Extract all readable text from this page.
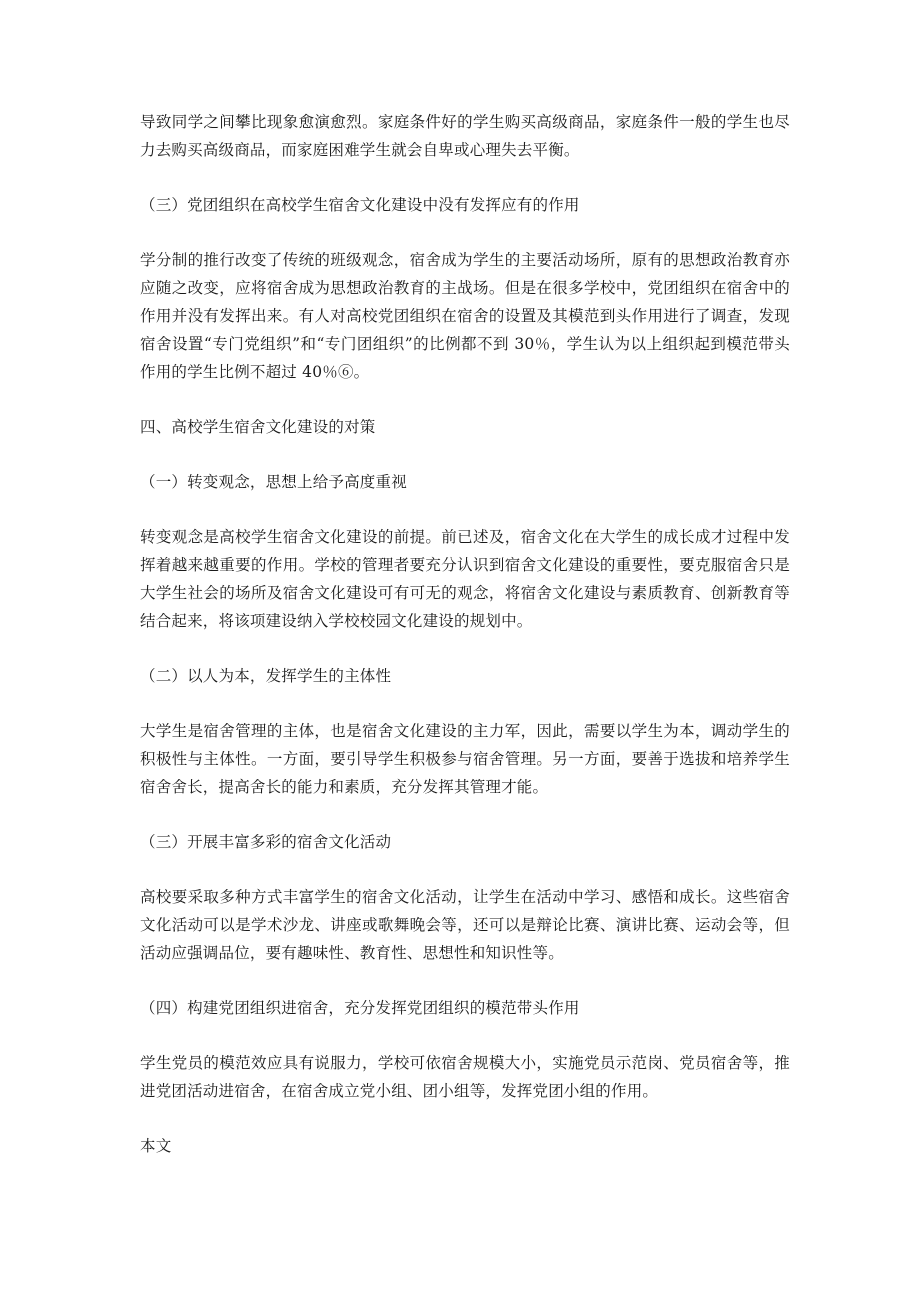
导致同学之间攀比现象愈演愈烈。家庭条件好的学生购买高级商品，家庭条件一般的学生也尽力去购买高级商品，而家庭困难学生就会自卑或心理失去平衡。

（三）党团组织在高校学生宿舍文化建设中没有发挥应有的作用

学分制的推行改变了传统的班级观念，宿舍成为学生的主要活动场所，原有的思想政治教育亦应随之改变，应将宿舍成为思想政治教育的主战场。但是在很多学校中，党团组织在宿舍中的作用并没有发挥出来。有人对高校党团组织在宿舍的设置及其模范到头作用进行了调查，发现宿舍设置“专门党组织”和“专门团组织”的比例都不到 30％，学生认为以上组织起到模范带头作用的学生比例不超过 40％⑥。

四、高校学生宿舍文化建设的对策

（一）转变观念，思想上给予高度重视

转变观念是高校学生宿舍文化建设的前提。前已述及，宿舍文化在大学生的成长成才过程中发挥着越来越重要的作用。学校的管理者要充分认识到宿舍文化建设的重要性，要克服宿舍只是大学生社会的场所及宿舍文化建设可有可无的观念，将宿舍文化建设与素质教育、创新教育等结合起来，将该项建设纳入学校校园文化建设的规划中。

（二）以人为本，发挥学生的主体性

大学生是宿舍管理的主体，也是宿舍文化建设的主力军，因此，需要以学生为本，调动学生的积极性与主体性。一方面，要引导学生积极参与宿舍管理。另一方面，要善于选拔和培养学生宿舍舍长，提高舍长的能力和素质，充分发挥其管理才能。

（三）开展丰富多彩的宿舍文化活动

高校要采取多种方式丰富学生的宿舍文化活动，让学生在活动中学习、感悟和成长。这些宿舍文化活动可以是学术沙龙、讲座或歌舞晚会等，还可以是辩论比赛、演讲比赛、运动会等，但活动应强调品位，要有趣味性、教育性、思想性和知识性等。

（四）构建党团组织进宿舍，充分发挥党团组织的模范带头作用

学生党员的模范效应具有说服力，学校可依宿舍规模大小，实施党员示范岗、党员宿舍等，推进党团活动进宿舍，在宿舍成立党小组、团小组等，发挥党团小组的作用。

本文
